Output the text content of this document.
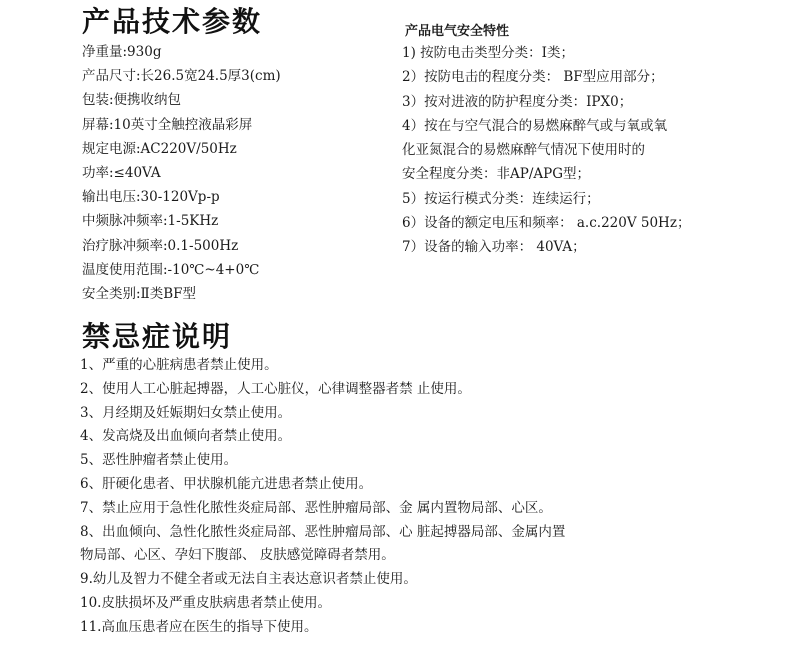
产品技术参数
净重量:930g
产品尺寸:长26.5宽24.5厚3(cm)
包装:便携收纳包
屏幕:10英寸全触控液晶彩屏
规定电源:AC220V/50Hz
功率:≤40VA
输出电压:30-120Vp-p
中频脉冲频率:1-5KHz
治疗脉冲频率:0.1-500Hz
温度使用范围:-10℃~4+0℃
安全类别:Ⅱ类BF型
产品电气安全特性
1) 按防电击类型分类：I类；
2）按防电击的程度分类： BF型应用部分；
3）按对进液的防护程度分类：IPX0；
4）按在与空气混合的易燃麻醉气或与氧或氧
化亚氮混合的易燃麻醉气情况下使用时的
安全程度分类：非AP/APG型；
5）按运行模式分类：连续运行；
6）设备的额定电压和频率： a.c.220V 50Hz；
7）设备的输入功率： 40VA；
禁忌症说明
1、严重的心脏病患者禁止使用。
2、使用人工心脏起搏器，人工心脏仪，心律调整器者禁 止使用。
3、月经期及妊娠期妇女禁止使用。
4、发高烧及出血倾向者禁止使用。
5、恶性肿瘤者禁止使用。
6、肝硬化患者、甲状腺机能亢进患者禁止使用。
7、禁止应用于急性化脓性炎症局部、恶性肿瘤局部、金 属内置物局部、心区。
8、出血倾向、急性化脓性炎症局部、恶性肿瘤局部、心 脏起搏器局部、金属内置
物局部、心区、孕妇下腹部、 皮肤感觉障碍者禁用。
9.幼儿及智力不健全者或无法自主表达意识者禁止使用。
10.皮肤损坏及严重皮肤病患者禁止使用。
11.高血压患者应在医生的指导下使用。
